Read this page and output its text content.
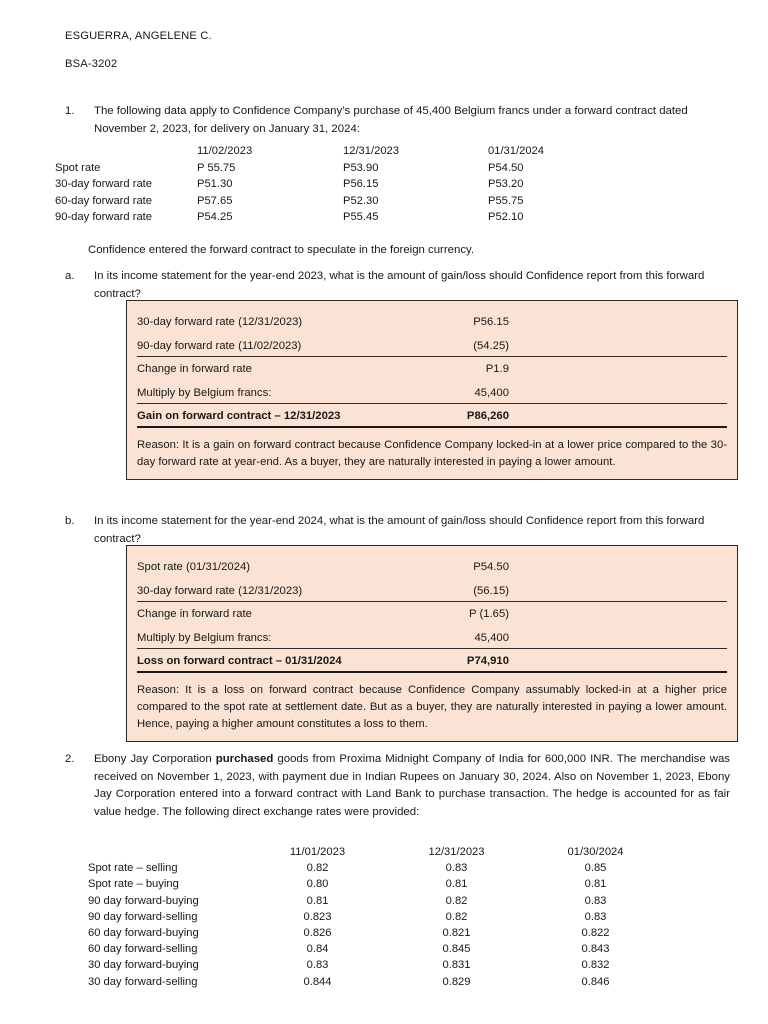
ESGUERRA, ANGELENE C.
BSA-3202
1.	The following data apply to Confidence Company’s purchase of 45,400 Belgium francs under a forward contract dated November 2, 2023, for delivery on January 31, 2024:
	11/02/2023	12/31/2023	01/31/2024
Spot rate	P 55.75	P53.90	P54.50
30-day forward rate	P51.30	P56.15	P53.20
60-day forward rate	P57.65	P52.30	P55.75
90-day forward rate	P54.25	P55.45	P52.10
Confidence entered the forward contract to speculate in the foreign currency.
a.	In its income statement for the year-end 2023, what is the amount of gain/loss should Confidence report from this forward contract?
30-day forward rate (12/31/2023)	P56.15
90-day forward rate (11/02/2023)	(54.25)
Change in forward rate	P1.9
Multiply by Belgium francs:	45,400
Gain on forward contract – 12/31/2023	P86,260
Reason: It is a gain on forward contract because Confidence Company locked-in at a lower price compared to the 30-day forward rate at year-end. As a buyer, they are naturally interested in paying a lower amount.
b.	In its income statement for the year-end 2024, what is the amount of gain/loss should Confidence report from this forward contract?
Spot rate (01/31/2024)	P54.50
30-day forward rate (12/31/2023)	(56.15)
Change in forward rate	P (1.65)
Multiply by Belgium francs:	45,400
Loss on forward contract – 01/31/2024	P74,910
Reason: It is a loss on forward contract because Confidence Company assumably locked-in at a higher price compared to the spot rate at settlement date. But as a buyer, they are naturally interested in paying a lower amount. Hence, paying a higher amount constitutes a loss to them.
2.	Ebony Jay Corporation purchased goods from Proxima Midnight Company of India for 600,000 INR. The merchandise was received on November 1, 2023, with payment due in Indian Rupees on January 30, 2024. Also on November 1, 2023, Ebony Jay Corporation entered into a forward contract with Land Bank to purchase transaction. The hedge is accounted for as fair value hedge. The following direct exchange rates were provided:
	11/01/2023	12/31/2023	01/30/2024
Spot rate – selling	0.82	0.83	0.85
Spot rate – buying	0.80	0.81	0.81
90 day forward-buying	0.81	0.82	0.83
90 day forward-selling	0.823	0.82	0.83
60 day forward-buying	0.826	0.821	0.822
60 day forward-selling	0.84	0.845	0.843
30 day forward-buying	0.83	0.831	0.832
30 day forward-selling	0.844	0.829	0.846
